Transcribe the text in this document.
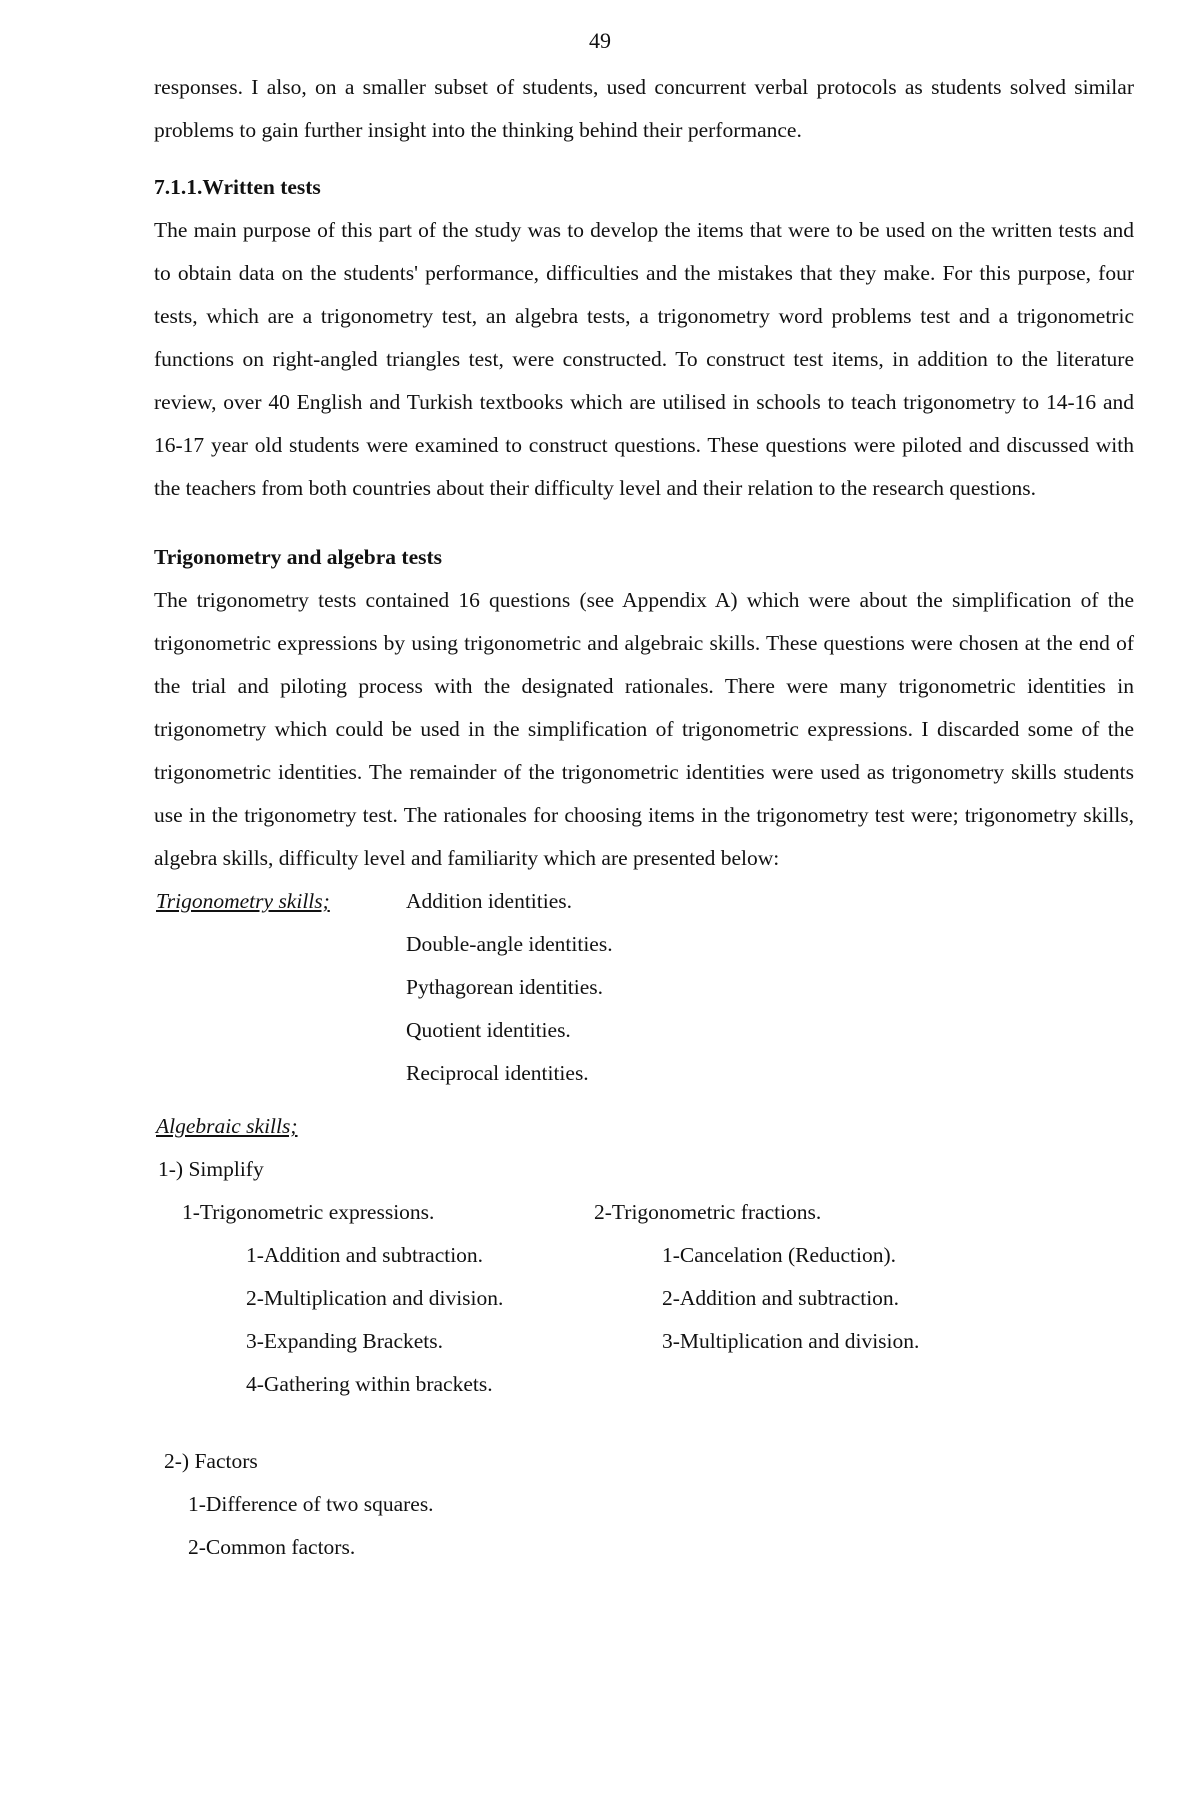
49

responses. I also, on a smaller subset of students, used concurrent verbal protocols as students solved similar problems to gain further insight into the thinking behind their performance.

7.1.1.Written tests

The main purpose of this part of the study was to develop the items that were to be used on the written tests and to obtain data on the students' performance, difficulties and the mistakes that they make. For this purpose, four tests, which are a trigonometry test, an algebra tests, a trigonometry word problems test and a trigonometric functions on right-angled triangles test, were constructed. To construct test items, in addition to the literature review, over 40 English and Turkish textbooks which are utilised in schools to teach trigonometry to 14-16 and 16-17 year old students were examined to construct questions. These questions were piloted and discussed with the teachers from both countries about their difficulty level and their relation to the research questions.

Trigonometry and algebra tests

The trigonometry tests contained 16 questions (see Appendix A) which were about the simplification of the trigonometric expressions by using trigonometric and algebraic skills. These questions were chosen at the end of the trial and piloting process with the designated rationales. There were many trigonometric identities in trigonometry which could be used in the simplification of trigonometric expressions. I discarded some of the trigonometric identities. The remainder of the trigonometric identities were used as trigonometry skills students use in the trigonometry test. The rationales for choosing items in the trigonometry test were; trigonometry skills, algebra skills, difficulty level and familiarity which are presented below:

Trigonometry skills;	Addition identities.
Double-angle identities.
Pythagorean identities.
Quotient identities.
Reciprocal identities.

Algebraic skills;

1-) Simplify

1-Trigonometric expressions.

1-Addition and subtraction.
2-Multiplication and division.
3-Expanding Brackets.
4-Gathering within brackets.

2-Trigonometric fractions.

1-Cancelation (Reduction).
2-Addition and subtraction.
3-Multiplication and division.

2-) Factors

1-Difference of two squares.
2-Common factors.
